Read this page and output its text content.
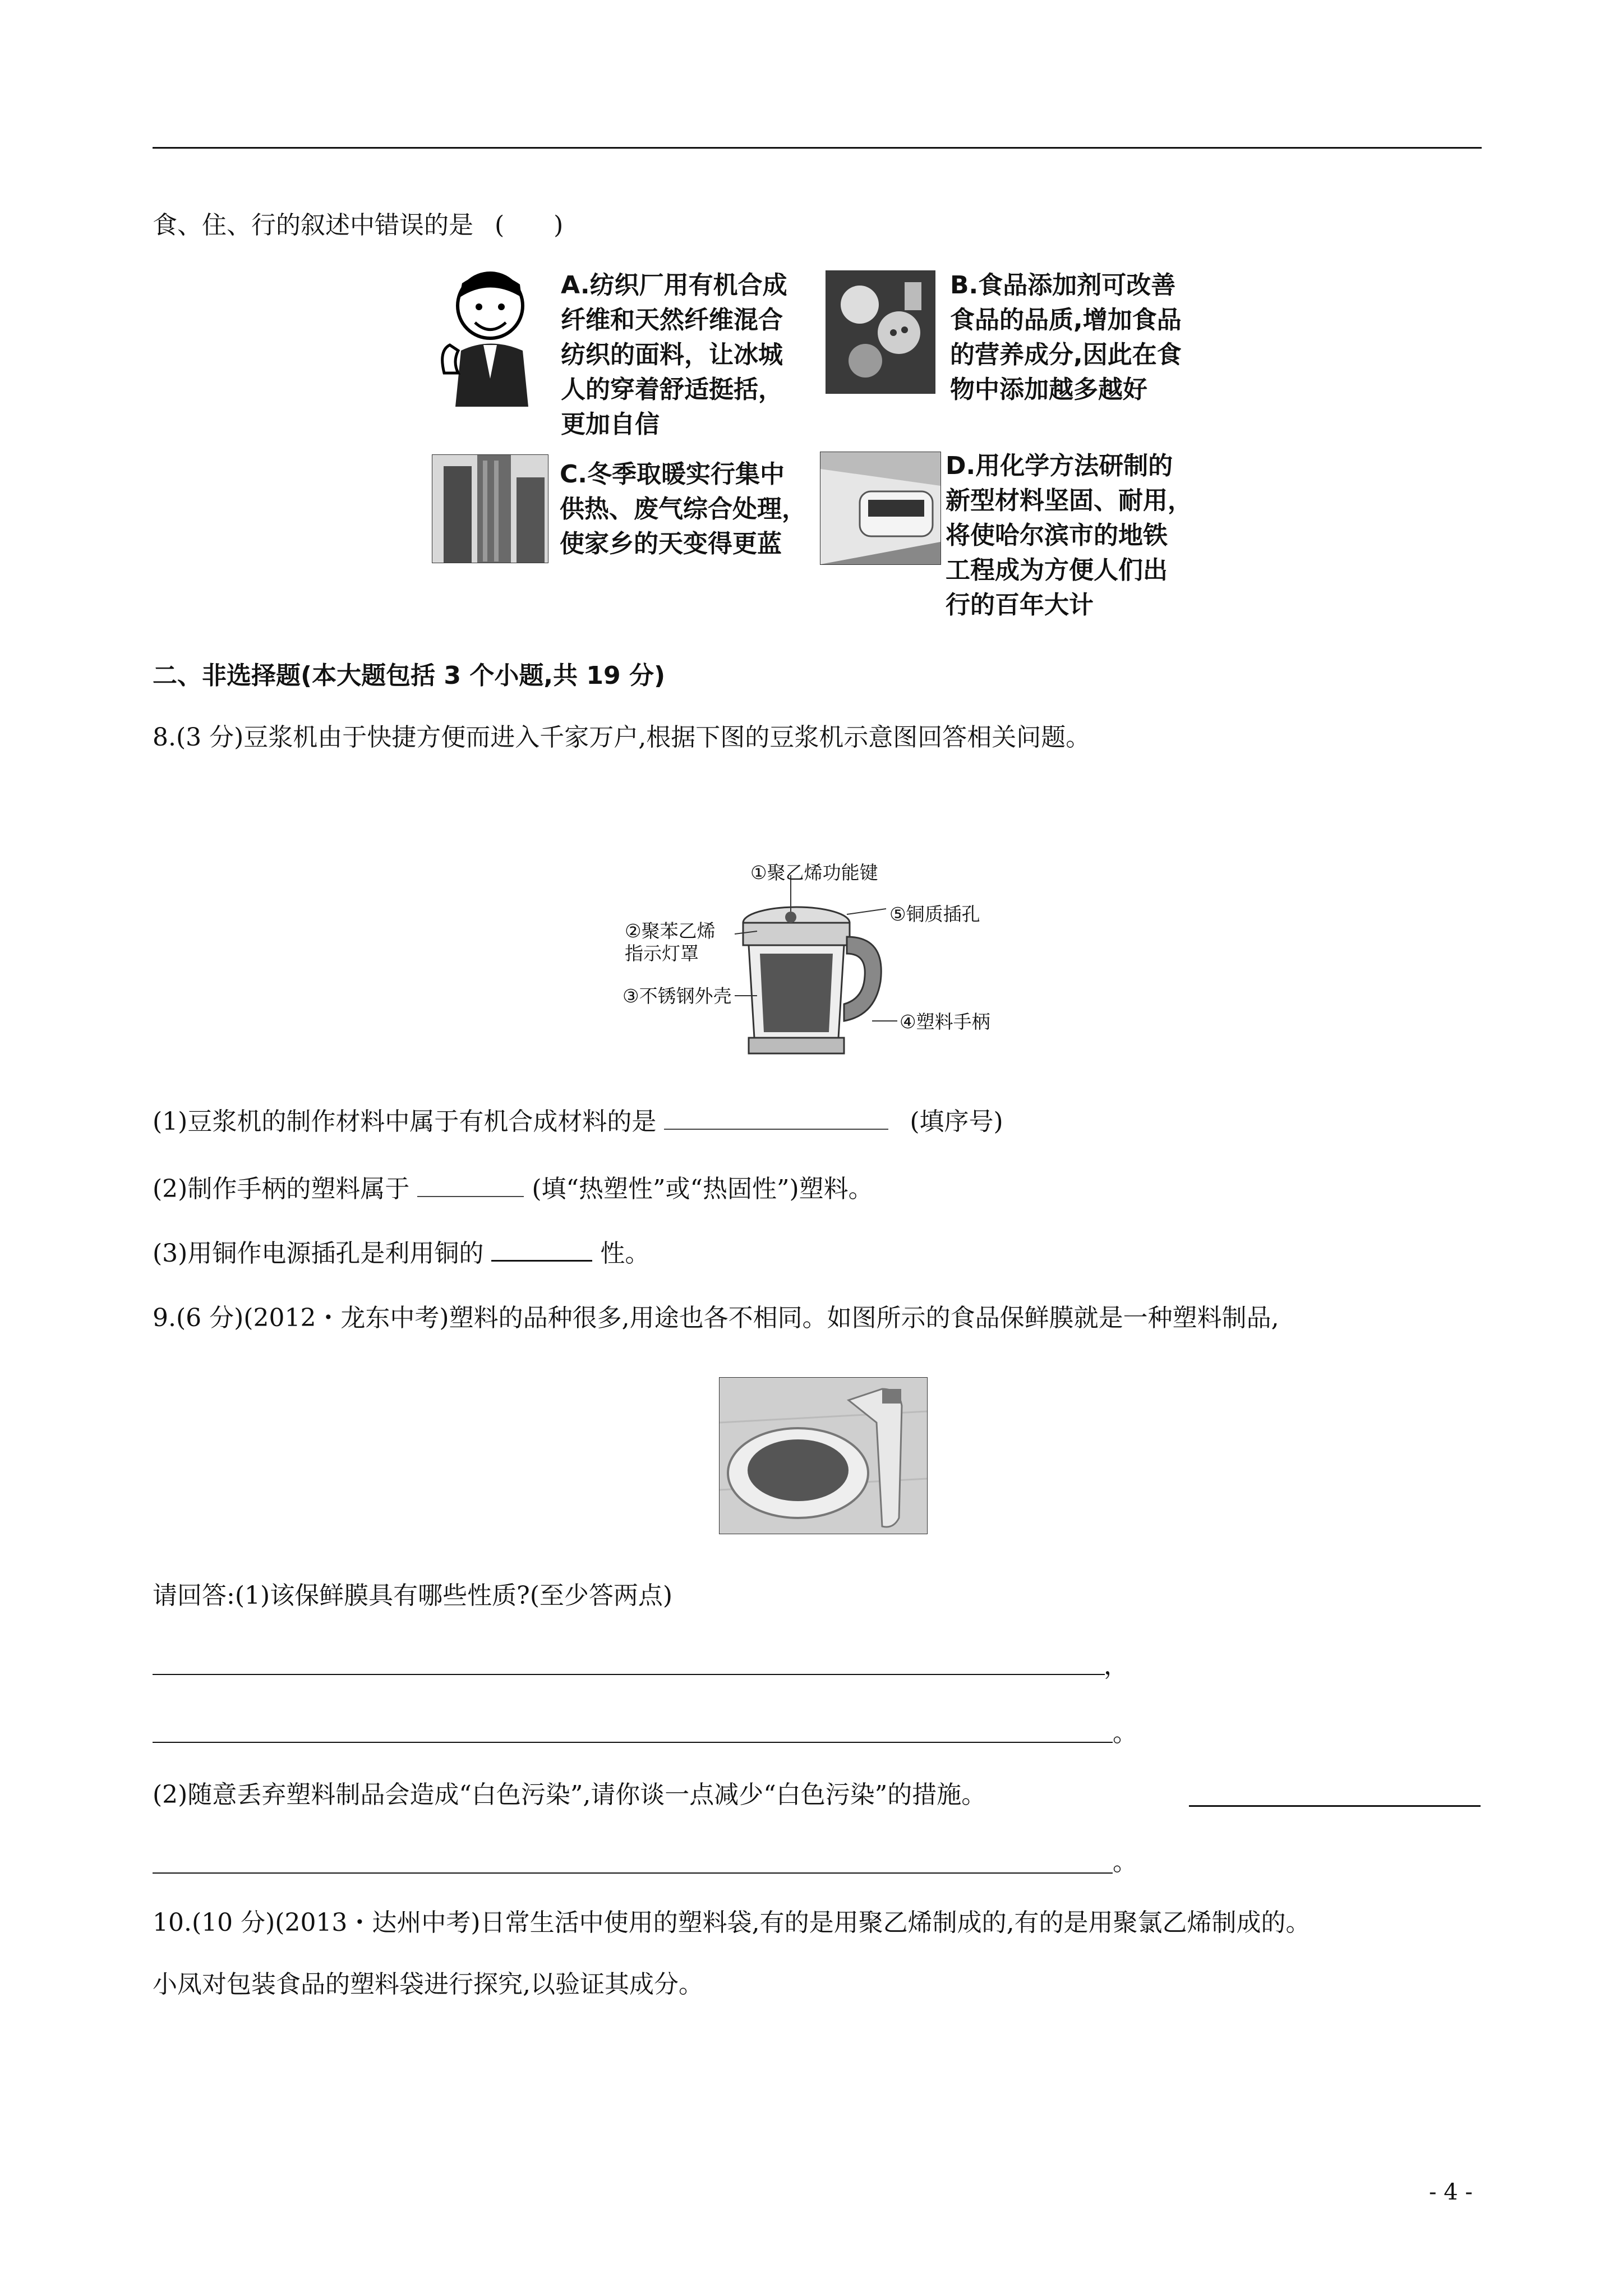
食、住、行的叙述中错误的是 (　　)
A.纺织厂用有机合成
纤维和天然纤维混合
纺织的面料，让冰城
人的穿着舒适挺括，
更加自信
B.食品添加剂可改善
食品的品质,增加食品
的营养成分,因此在食
物中添加越多越好
C.冬季取暖实行集中
供热、废气综合处理，
使家乡的天变得更蓝
D.用化学方法研制的
新型材料坚固、耐用，
将使哈尔滨市的地铁
工程成为方便人们出
行的百年大计
二、非选择题(本大题包括 3 个小题,共 19 分)
8.(3 分)豆浆机由于快捷方便而进入千家万户,根据下图的豆浆机示意图回答相关问题。
①聚乙烯功能键
②聚苯乙烯
指示灯罩
③不锈钢外壳
④塑料手柄
⑤铜质插孔
(1)豆浆机的制作材料中属于有机合成材料的是	(填序号)
(2)制作手柄的塑料属于	(填“热塑性”或“热固性”)塑料。
(3)用铜作电源插孔是利用铜的	性。
9.(6 分)(2012・龙东中考)塑料的品种很多,用途也各不相同。如图所示的食品保鲜膜就是一种塑料制品,
请回答:(1)该保鲜膜具有哪些性质?(至少答两点)
，
。
(2)随意丢弃塑料制品会造成“白色污染”,请你谈一点减少“白色污染”的措施。
。
10.(10 分)(2013・达州中考)日常生活中使用的塑料袋,有的是用聚乙烯制成的,有的是用聚氯乙烯制成的。
小凤对包装食品的塑料袋进行探究,以验证其成分。
- 4 -
